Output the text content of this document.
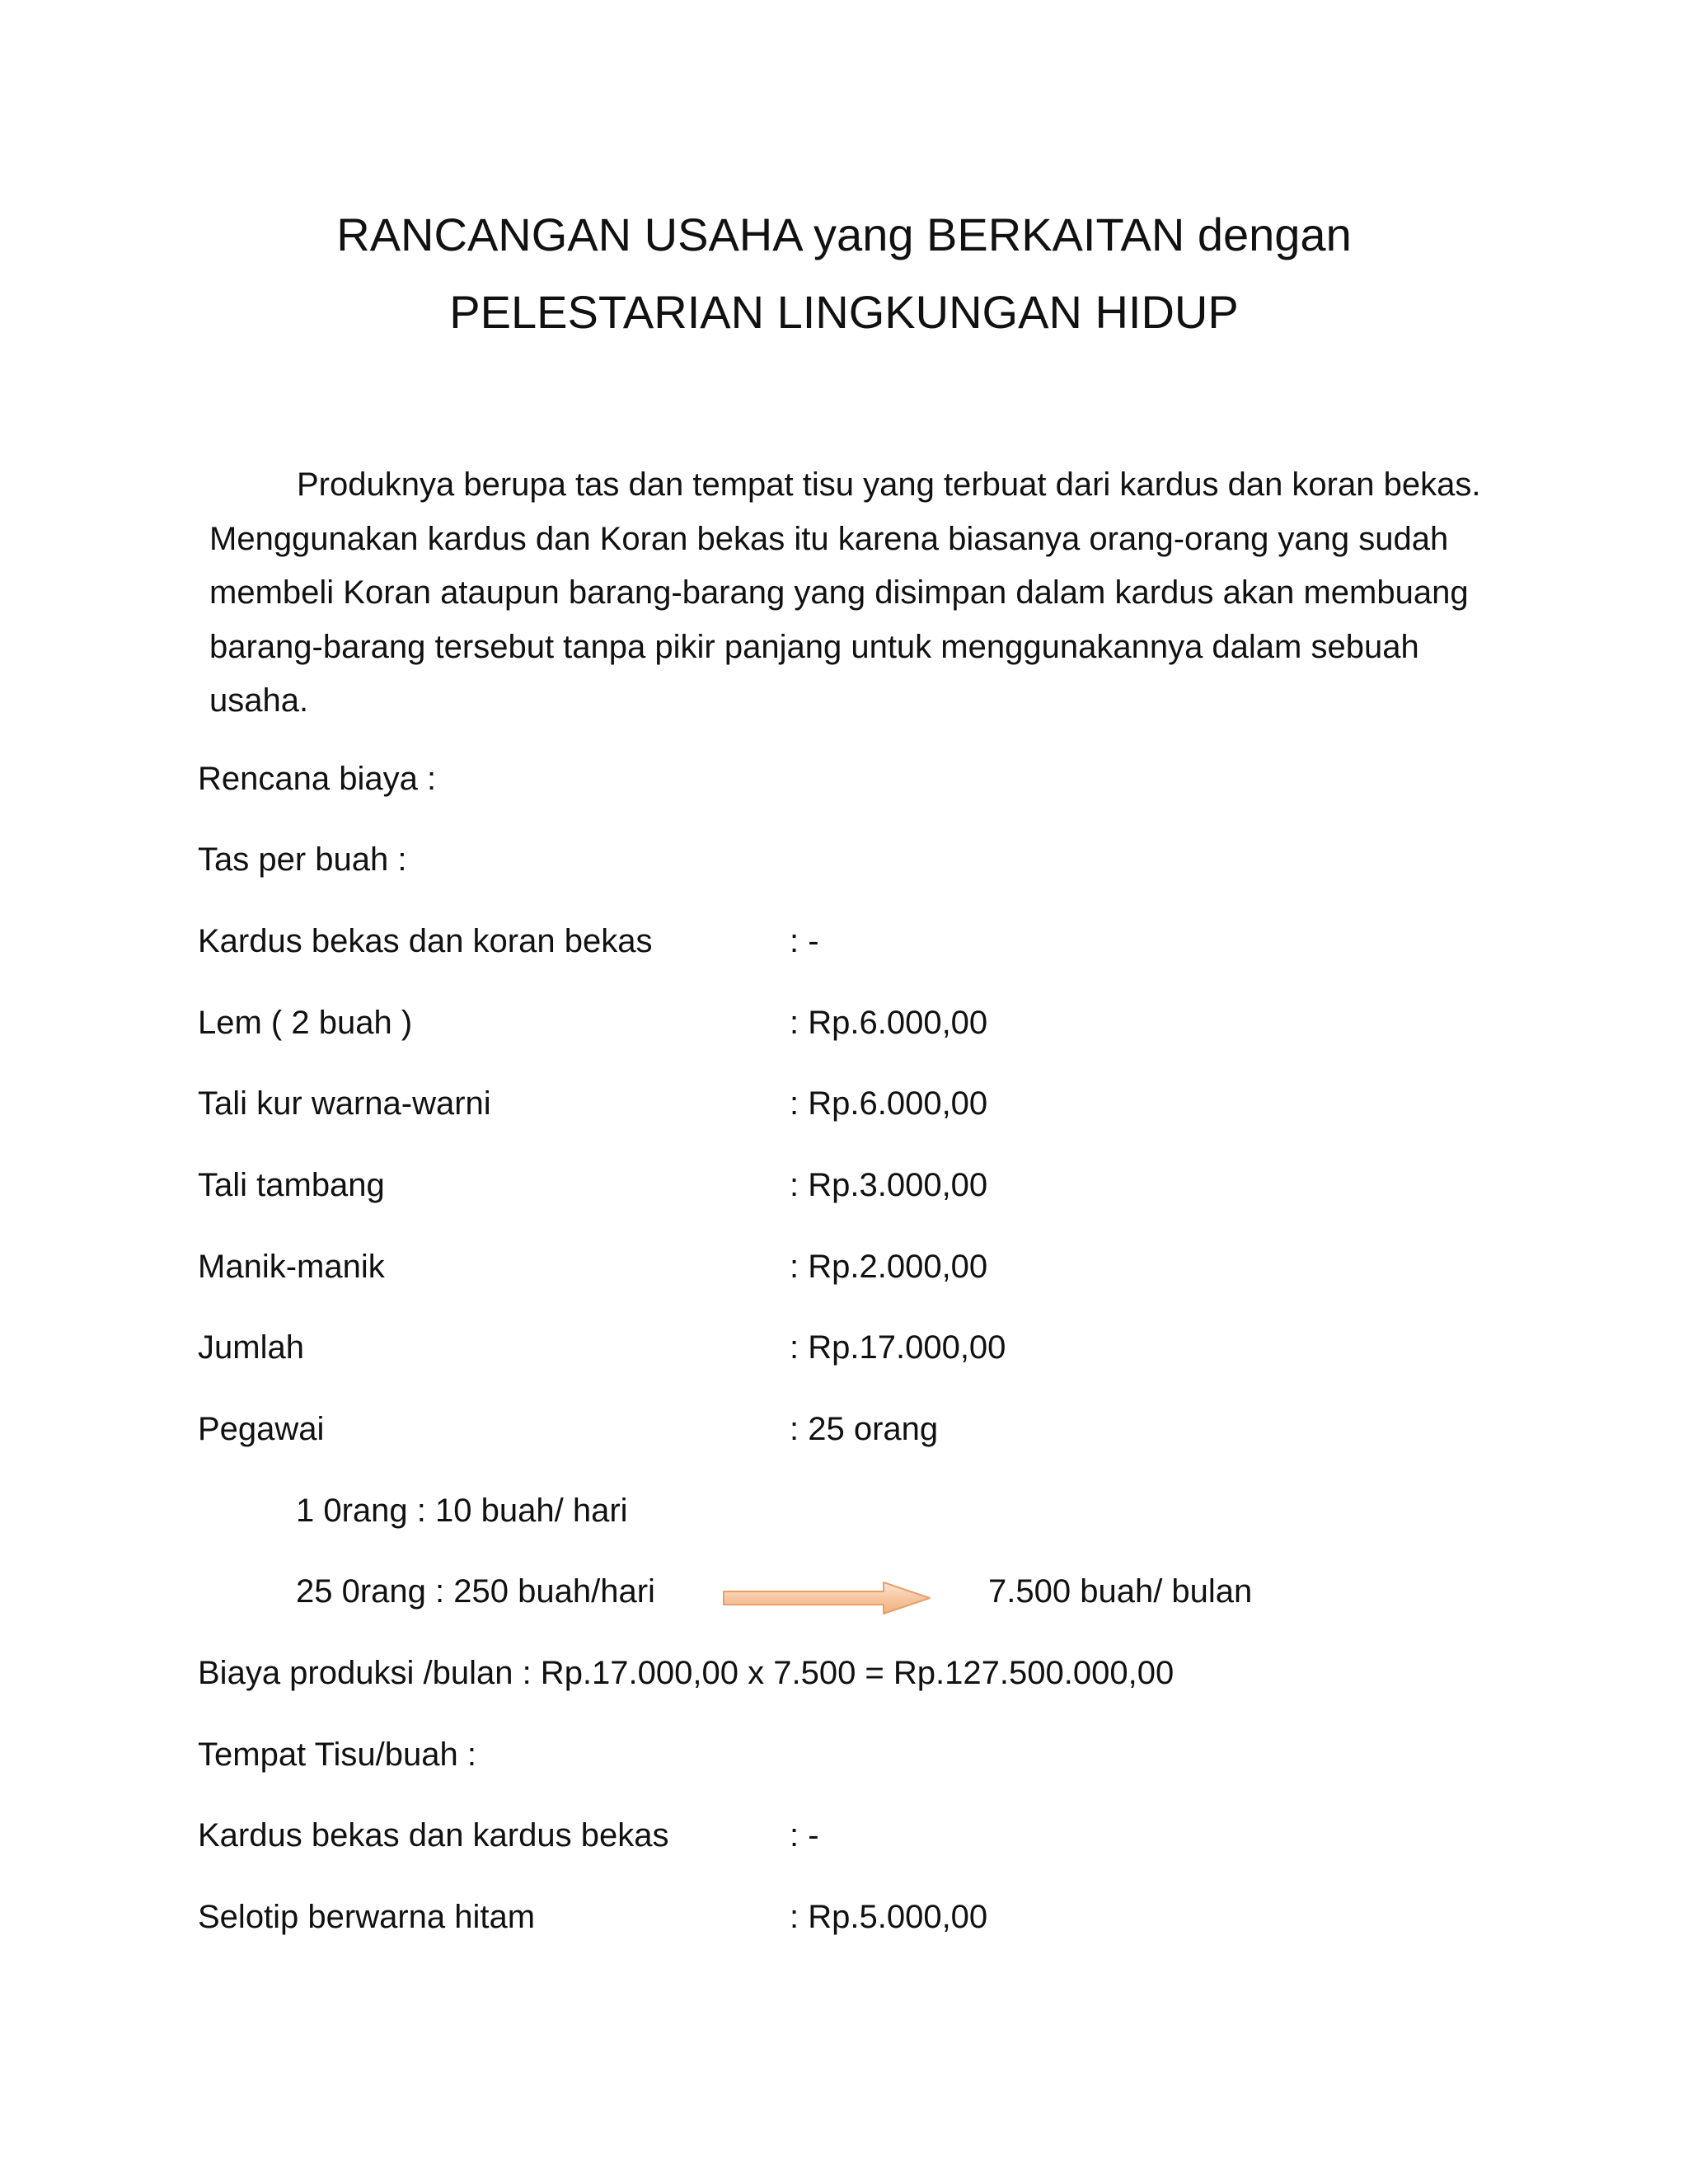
RANCANGAN USAHA yang BERKAITAN dengan
PELESTARIAN LINGKUNGAN HIDUP
Produknya berupa tas dan tempat tisu yang terbuat dari kardus dan koran bekas. Menggunakan kardus dan Koran bekas itu karena biasanya orang-orang yang sudah membeli Koran ataupun barang-barang yang disimpan dalam kardus akan membuang barang-barang tersebut tanpa pikir panjang untuk menggunakannya dalam sebuah usaha.
Rencana biaya :
Tas per buah :
Kardus bekas dan koran bekas	: -
Lem ( 2 buah )	: Rp.6.000,00
Tali kur warna-warni	: Rp.6.000,00
Tali tambang	: Rp.3.000,00
Manik-manik	: Rp.2.000,00
Jumlah	: Rp.17.000,00
Pegawai	: 25 orang
1 0rang : 10 buah/ hari
25 0rang : 250 buah/hari	7.500 buah/ bulan
Biaya produksi /bulan : Rp.17.000,00 x 7.500 = Rp.127.500.000,00
Tempat Tisu/buah :
Kardus bekas dan kardus bekas	: -
Selotip berwarna hitam	: Rp.5.000,00
